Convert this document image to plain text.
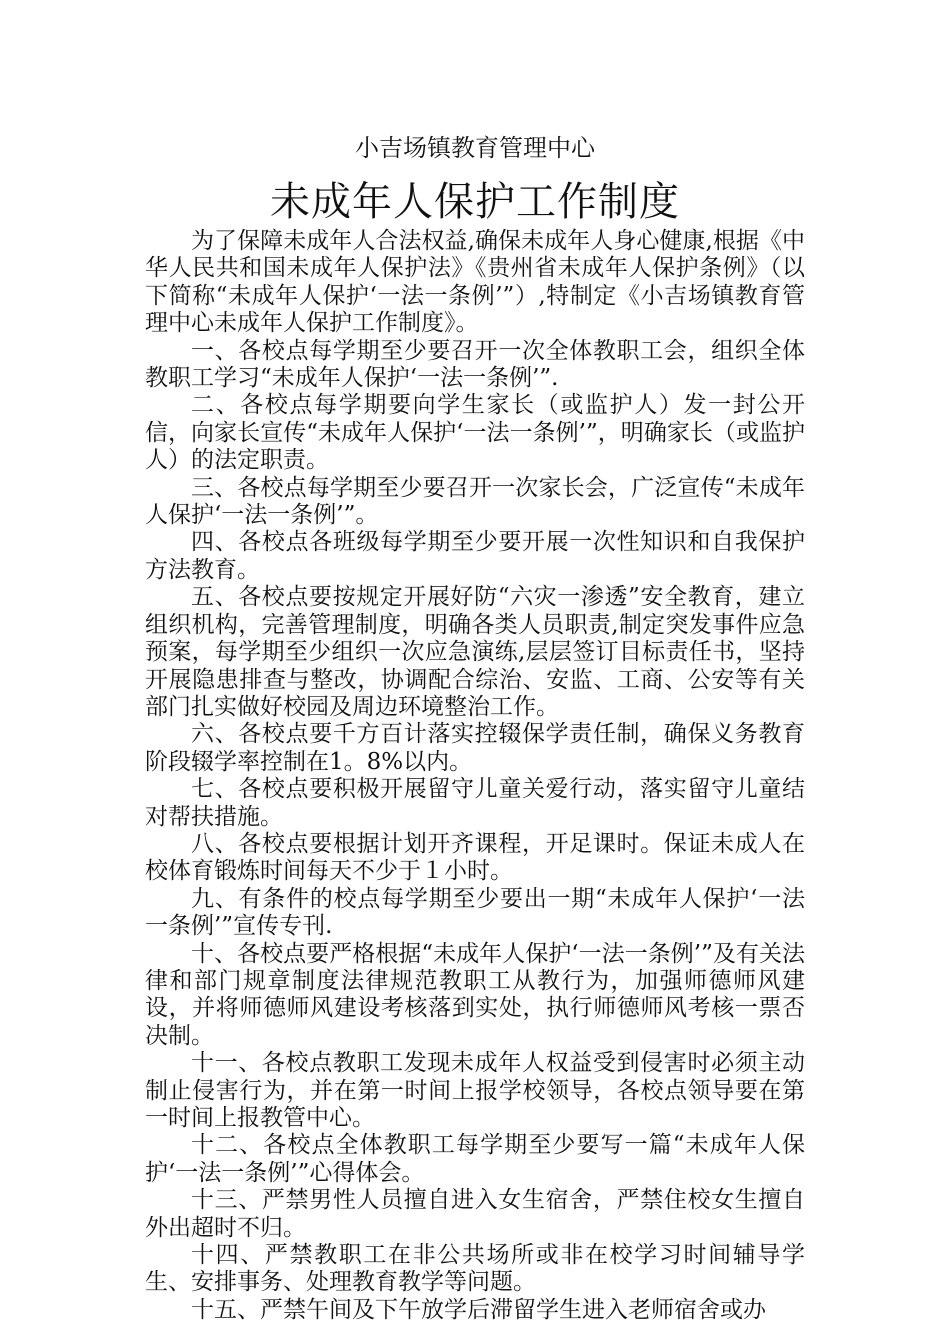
小吉场镇教育管理中心
未成年人保护工作制度

为了保障未成年人合法权益,确保未成年人身心健康,根据《中华人民共和国未成年人保护法》《贵州省未成年人保护条例》（以下简称“未成年人保护‘一法一条例’”）,特制定《小吉场镇教育管理中心未成年人保护工作制度》。

一、各校点每学期至少要召开一次全体教职工会，组织全体教职工学习“未成年人保护‘一法一条例’”.

二、各校点每学期要向学生家长（或监护人）发一封公开信，向家长宣传“未成年人保护‘一法一条例’”，明确家长（或监护人）的法定职责。

三、各校点每学期至少要召开一次家长会，广泛宣传“未成年人保护‘一法一条例’”。

四、各校点各班级每学期至少要开展一次性知识和自我保护方法教育。

五、各校点要按规定开展好防“六灾一渗透”安全教育，建立组织机构，完善管理制度，明确各类人员职责,制定突发事件应急预案，每学期至少组织一次应急演练,层层签订目标责任书，坚持开展隐患排查与整改，协调配合综治、安监、工商、公安等有关部门扎实做好校园及周边环境整治工作。

六、各校点要千方百计落实控辍保学责任制，确保义务教育阶段辍学率控制在1。8%以内。

七、各校点要积极开展留守儿童关爱行动，落实留守儿童结对帮扶措施。

八、各校点要根据计划开齐课程，开足课时。保证未成人在校体育锻炼时间每天不少于１小时。

九、有条件的校点每学期至少要出一期“未成年人保护‘一法一条例’”宣传专刊.

十、各校点要严格根据“未成年人保护‘一法一条例’”及有关法律和部门规章制度法律规范教职工从教行为，加强师德师风建设，并将师德师风建设考核落到实处，执行师德师风考核一票否决制。

十一、各校点教职工发现未成年人权益受到侵害时必须主动制止侵害行为，并在第一时间上报学校领导，各校点领导要在第一时间上报教管中心。

十二、各校点全体教职工每学期至少要写一篇“未成年人保护‘一法一条例’”心得体会。

十三、严禁男性人员擅自进入女生宿舍，严禁住校女生擅自外出超时不归。

十四、严禁教职工在非公共场所或非在校学习时间辅导学生、安排事务、处理教育教学等问题。

十五、严禁午间及下午放学后滞留学生进入老师宿舍或办
